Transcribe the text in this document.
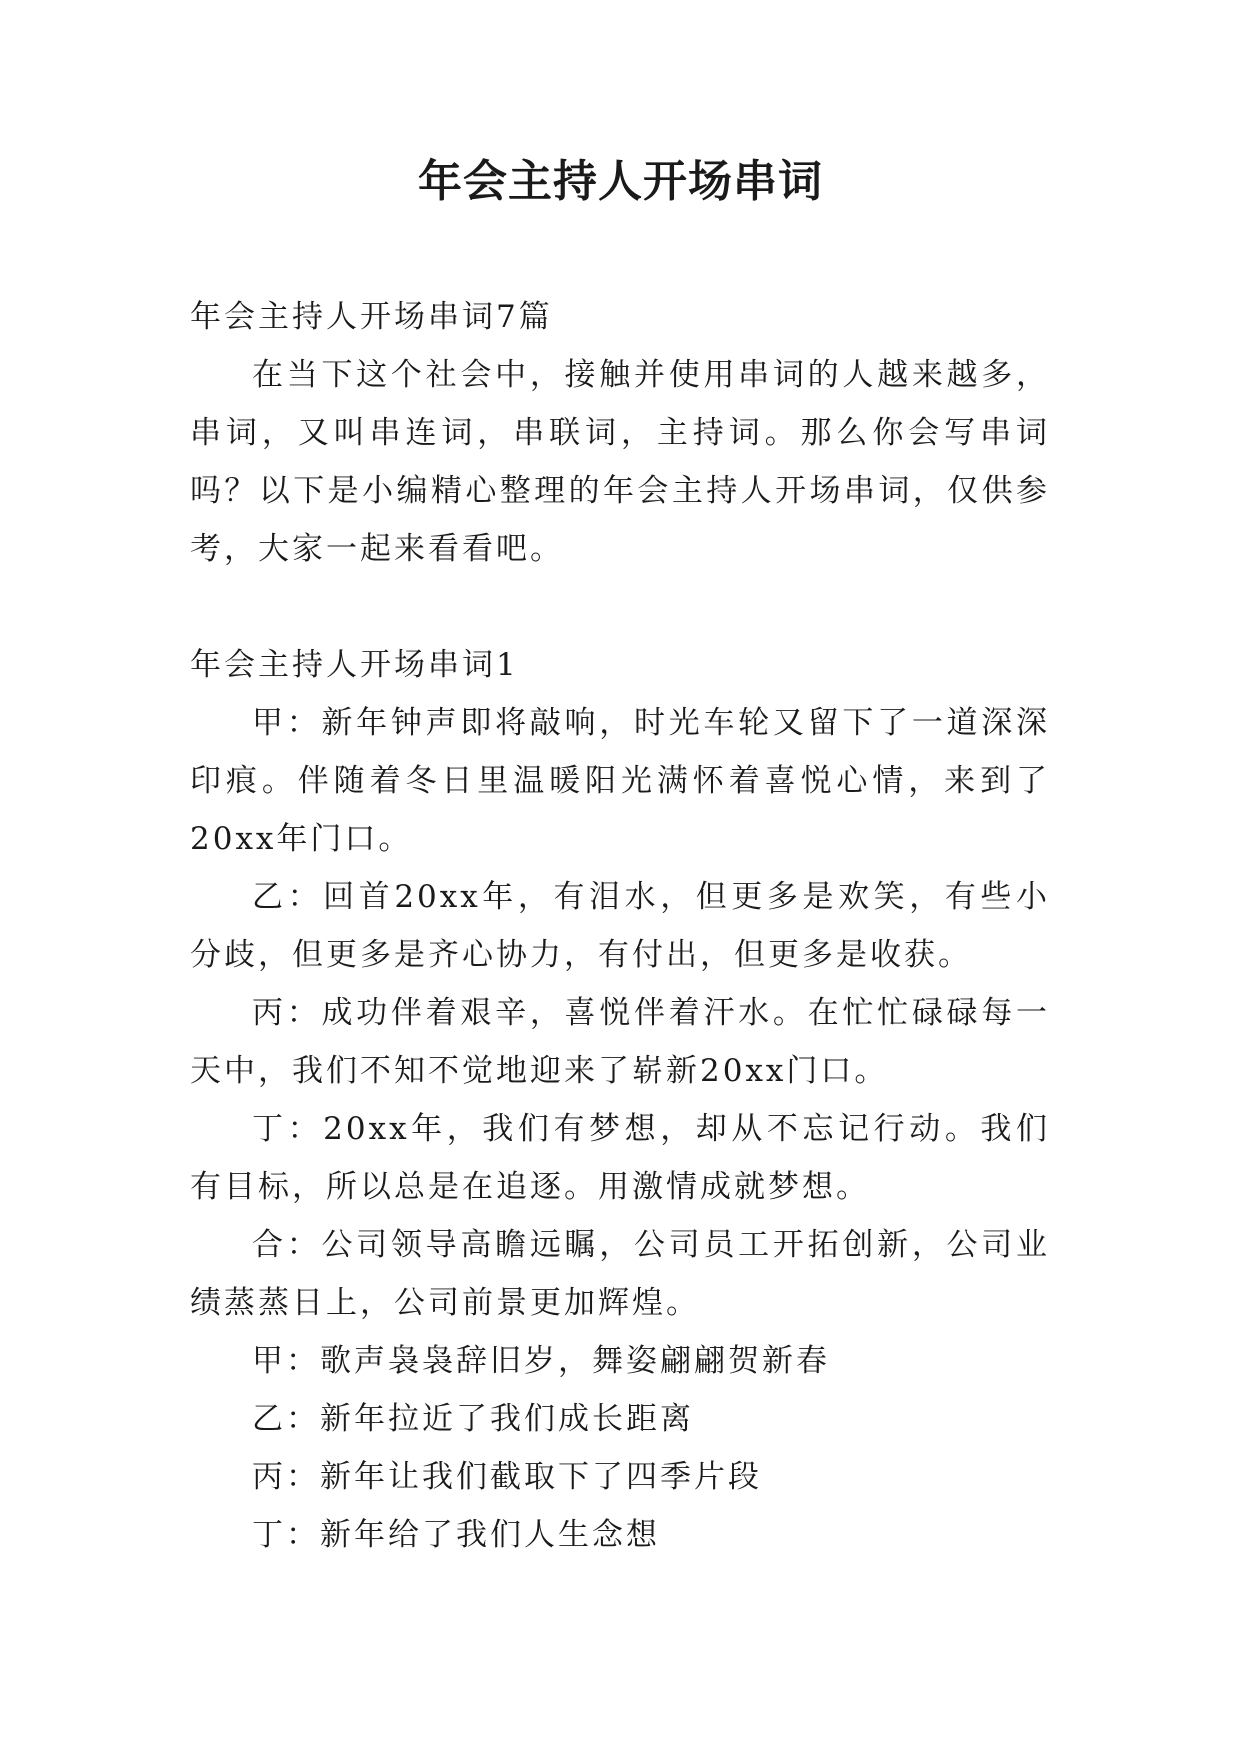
年会主持人开场串词

年会主持人开场串词7篇

在当下这个社会中，接触并使用串词的人越来越多，串词，又叫串连词，串联词，主持词。那么你会写串词吗？以下是小编精心整理的年会主持人开场串词，仅供参考，大家一起来看看吧。

年会主持人开场串词1

甲：新年钟声即将敲响，时光车轮又留下了一道深深印痕。伴随着冬日里温暖阳光满怀着喜悦心情，来到了20xx年门口。

乙：回首20xx年，有泪水，但更多是欢笑，有些小分歧，但更多是齐心协力，有付出，但更多是收获。

丙：成功伴着艰辛，喜悦伴着汗水。在忙忙碌碌每一天中，我们不知不觉地迎来了崭新20xx门口。

丁：20xx年，我们有梦想，却从不忘记行动。我们有目标，所以总是在追逐。用激情成就梦想。

合：公司领导高瞻远瞩，公司员工开拓创新，公司业绩蒸蒸日上，公司前景更加辉煌。

甲：歌声袅袅辞旧岁，舞姿翩翩贺新春

乙：新年拉近了我们成长距离

丙：新年让我们截取下了四季片段

丁：新年给了我们人生念想
